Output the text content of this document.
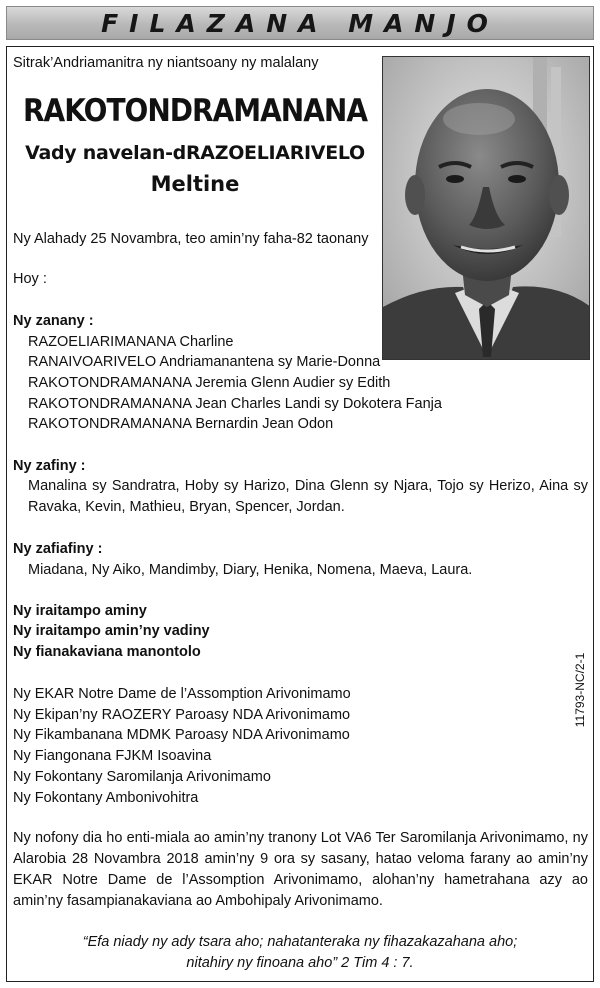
FILAZANA MANJO
Sitrak’Andriamanitra ny niantsoany ny malalany
RAKOTONDRAMANANA
Vady navelan-dRAZOELIARIVELO
Meltine
Ny Alahady 25 Novambra, teo amin’ny faha-82 taonany
Hoy :
Ny zanany :
RAZOELIARIMANANA Charline
RANAIVOARIVELO Andriamanantena sy Marie-Donna
RAKOTONDRAMANANA Jeremia Glenn Audier sy Edith
RAKOTONDRAMANANA Jean Charles Landi sy Dokotera Fanja
RAKOTONDRAMANANA Bernardin Jean Odon
Ny zafiny :
Manalina sy Sandratra, Hoby sy Harizo, Dina Glenn sy Njara, Tojo sy Herizo, Aina sy Ravaka, Kevin, Mathieu, Bryan, Spencer, Jordan.
Ny zafiafiny :
Miadana, Ny Aiko, Mandimby, Diary, Henika, Nomena, Maeva, Laura.
Ny iraitampo aminy
Ny iraitampo amin’ny vadiny
Ny fianakaviana manontolo
Ny EKAR Notre Dame de l’Assomption Arivonimamo
Ny Ekipan’ny RAOZERY Paroasy NDA Arivonimamo
Ny Fikambanana MDMK Paroasy NDA Arivonimamo
Ny Fiangonana FJKM Isoavina
Ny Fokontany Saromilanja Arivonimamo
Ny Fokontany Ambonivohitra
11793-NC/2-1
Ny nofony dia ho enti-miala ao amin’ny tranony Lot VA6 Ter Saromilanja Arivonimamo, ny Alarobia 28 Novambra 2018 amin’ny 9 ora sy sasany, hatao veloma farany ao amin’ny EKAR Notre Dame de l’Assomption Arivonimamo, alohan’ny hametrahana azy ao amin’ny fasampianakaviana ao Ambohipaly Arivonimamo.
“Efa niady ny ady tsara aho; nahatanteraka ny fihazakazahana aho;
nitahiry ny finoana aho” 2 Tim 4 : 7.
